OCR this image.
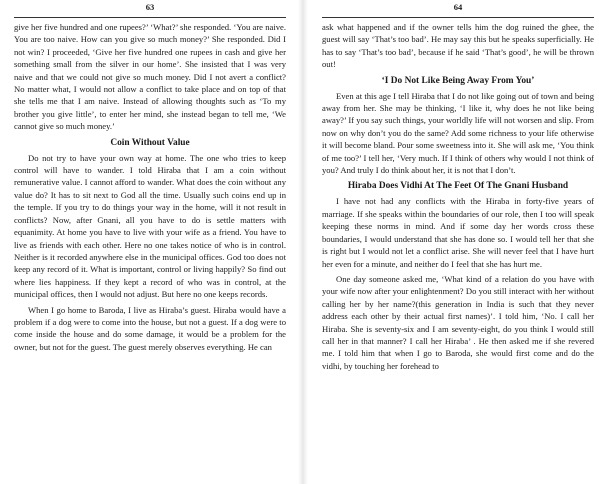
63

give her five hundred and one rupees?’ ‘What?’ she responded. ‘You are naive. You are too naive. How can you give so much money?’ She responded. Did I not win? I proceeded, ‘Give her five hundred one rupees in cash and give her something small from the silver in our home’. She insisted that I was very naive and that we could not give so much money. Did I not avert a conflict? No matter what, I would not allow a conflict to take place and on top of that she tells me that I am naive. Instead of allowing thoughts such as ‘To my brother you give little’, to enter her mind, she instead began to tell me, ‘We cannot give so much money.’

Coin Without Value

Do not try to have your own way at home. The one who tries to keep control will have to wander. I told Hiraba that I am a coin without remunerative value. I cannot afford to wander. What does the coin without any value do? It has to sit next to God all the time. Usually such coins end up in the temple. If you try to do things your way in the home, will it not result in conflicts? Now, after Gnani, all you have to do is settle matters with equanimity. At home you have to live with your wife as a friend. You have to live as friends with each other. Here no one takes notice of who is in control. Neither is it recorded anywhere else in the municipal offices. God too does not keep any record of it. What is important, control or living happily? So find out where lies happiness. If they kept a record of who was in control, at the municipal offices, then I would not adjust. But here no one keeps records.

When I go home to Baroda, I live as Hiraba’s guest. Hiraba would have a problem if a dog were to come into the house, but not a guest. If a dog were to come inside the house and do some damage, it would be a problem for the owner, but not for the guest. The guest merely observes everything. He can

64

ask what happened and if the owner tells him the dog ruined the ghee, the guest will say ‘That’s too bad’. He may say this but he speaks superficially. He has to say ‘That’s too bad’, because if he said ‘That’s good’, he will be thrown out!

‘I Do Not Like Being Away From You’

Even at this age I tell Hiraba that I do not like going out of town and being away from her. She may be thinking, ‘I like it, why does he not like being away?’ If you say such things, your worldly life will not worsen and slip. From now on why don’t you do the same? Add some richness to your life otherwise it will become bland. Pour some sweetness into it. She will ask me, ‘You think of me too?’ I tell her, ‘Very much. If I think of others why would I not think of you? And truly I do think about her, it is not that I don’t.

Hiraba Does Vidhi At The Feet Of The Gnani Husband

I have not had any conflicts with the Hiraba in forty-five years of marriage. If she speaks within the boundaries of our role, then I too will speak keeping these norms in mind. And if some day her words cross these boundaries, I would understand that she has done so. I would tell her that she is right but I would not let a conflict arise. She will never feel that I have hurt her even for a minute, and neither do I feel that she has hurt me.

One day someone asked me, ‘What kind of a relation do you have with your wife now after your enlightenment? Do you still interact with her without calling her by her name?(this generation in India is such that they never address each other by their actual first names)’. I told him, ‘No. I call her Hiraba. She is seventy-six and I am seventy-eight, do you think I would still call her in that manner? I call her Hiraba’ . He then asked me if she revered me. I told him that when I go to Baroda, she would first come and do the vidhi, by touching her forehead to
